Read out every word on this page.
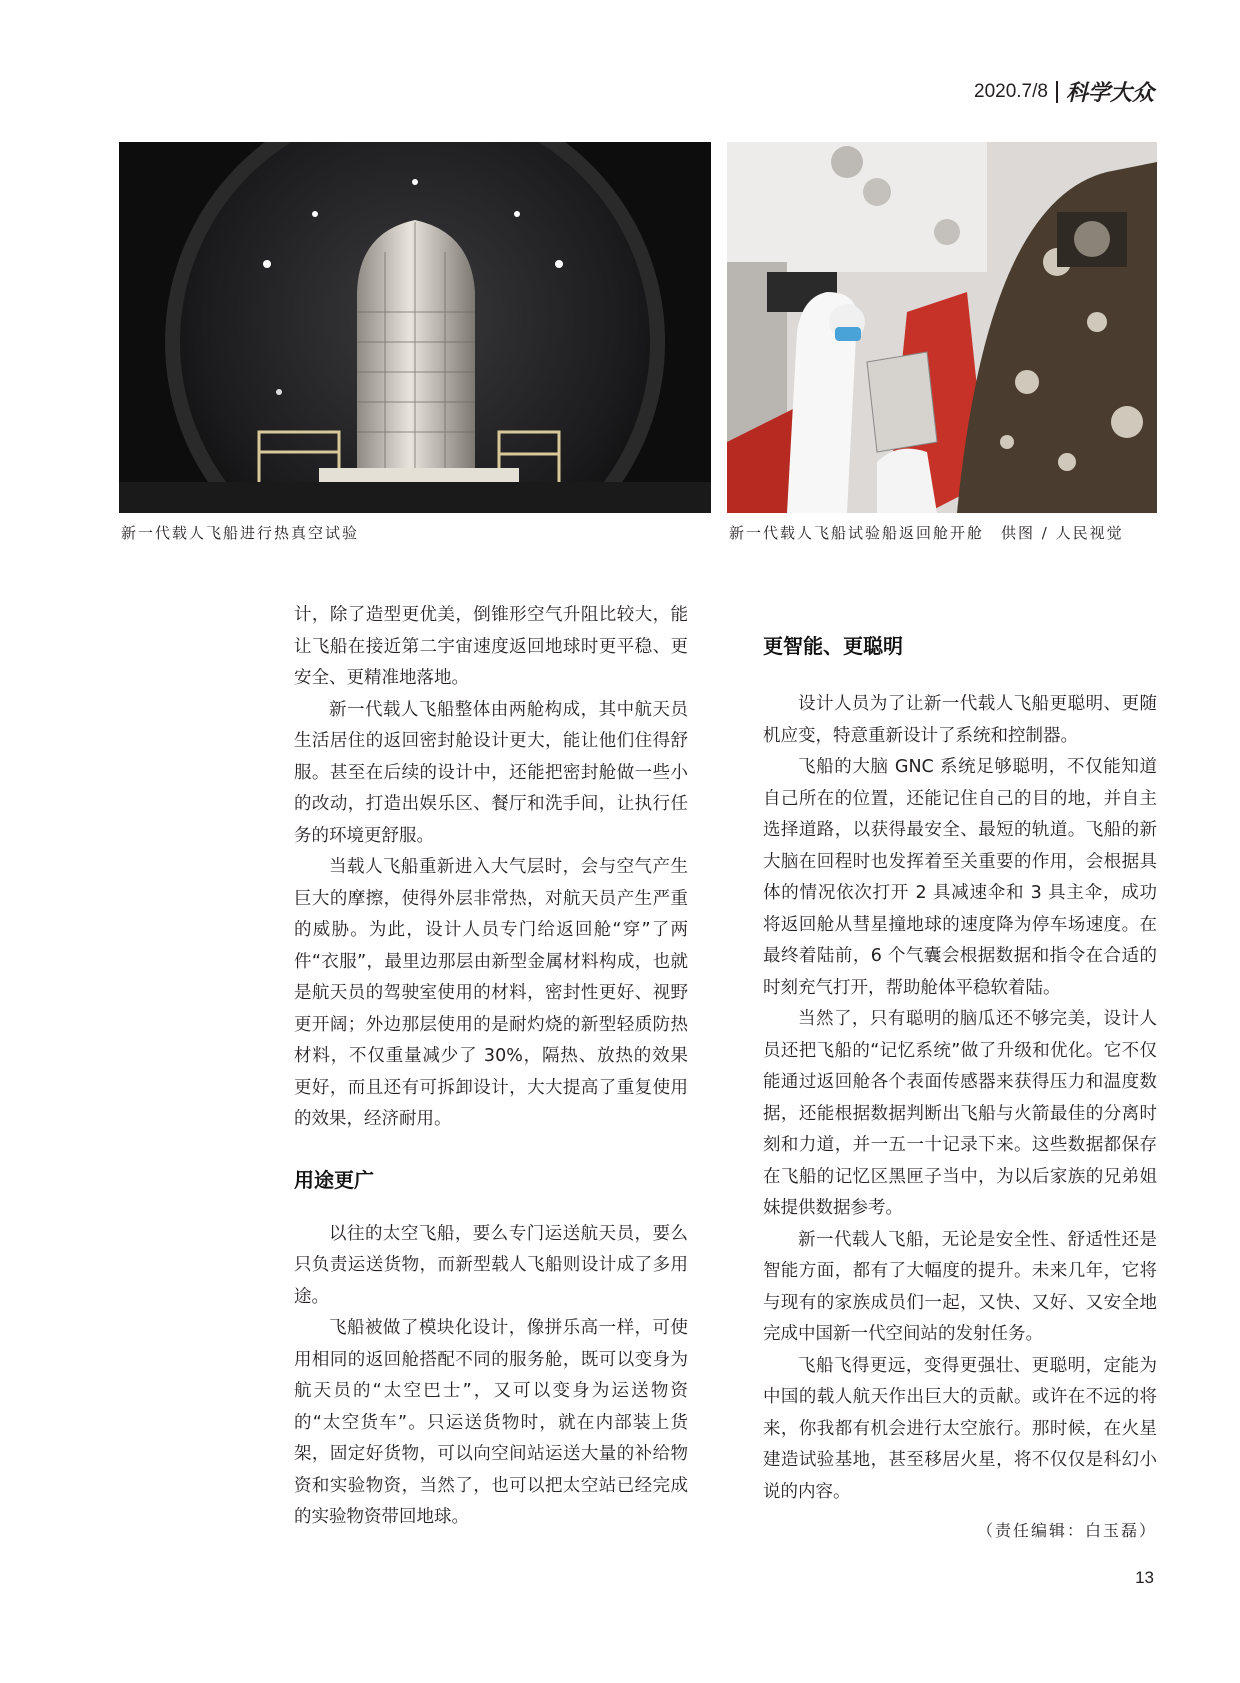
2020.7/8 科学大众
新一代载人飞船进行热真空试验	新一代载人飞船试验船返回舱开舱　供图 / 人民视觉

计，除了造型更优美，倒锥形空气升阻比较大，能让飞船在接近第二宇宙速度返回地球时更平稳、更安全、更精准地落地。

新一代载人飞船整体由两舱构成，其中航天员生活居住的返回密封舱设计更大，能让他们住得舒服。甚至在后续的设计中，还能把密封舱做一些小的改动，打造出娱乐区、餐厅和洗手间，让执行任务的环境更舒服。

当载人飞船重新进入大气层时，会与空气产生巨大的摩擦，使得外层非常热，对航天员产生严重的威胁。为此，设计人员专门给返回舱“穿”了两件“衣服”，最里边那层由新型金属材料构成，也就是航天员的驾驶室使用的材料，密封性更好、视野更开阔；外边那层使用的是耐灼烧的新型轻质防热材料，不仅重量减少了 30%，隔热、放热的效果更好，而且还有可拆卸设计，大大提高了重复使用的效果，经济耐用。

用途更广

以往的太空飞船，要么专门运送航天员，要么只负责运送货物，而新型载人飞船则设计成了多用途。

飞船被做了模块化设计，像拼乐高一样，可使用相同的返回舱搭配不同的服务舱，既可以变身为航天员的“太空巴士”，又可以变身为运送物资的“太空货车”。只运送货物时，就在内部装上货架，固定好货物，可以向空间站运送大量的补给物资和实验物资，当然了，也可以把太空站已经完成的实验物资带回地球。

更智能、更聪明

设计人员为了让新一代载人飞船更聪明、更随机应变，特意重新设计了系统和控制器。

飞船的大脑 GNC 系统足够聪明，不仅能知道自己所在的位置，还能记住自己的目的地，并自主选择道路，以获得最安全、最短的轨道。飞船的新大脑在回程时也发挥着至关重要的作用，会根据具体的情况依次打开 2 具减速伞和 3 具主伞，成功将返回舱从彗星撞地球的速度降为停车场速度。在最终着陆前，6 个气囊会根据数据和指令在合适的时刻充气打开，帮助舱体平稳软着陆。

当然了，只有聪明的脑瓜还不够完美，设计人员还把飞船的“记忆系统”做了升级和优化。它不仅能通过返回舱各个表面传感器来获得压力和温度数据，还能根据数据判断出飞船与火箭最佳的分离时刻和力道，并一五一十记录下来。这些数据都保存在飞船的记忆区黑匣子当中，为以后家族的兄弟姐妹提供数据参考。

新一代载人飞船，无论是安全性、舒适性还是智能方面，都有了大幅度的提升。未来几年，它将与现有的家族成员们一起，又快、又好、又安全地完成中国新一代空间站的发射任务。

飞船飞得更远，变得更强壮、更聪明，定能为中国的载人航天作出巨大的贡献。或许在不远的将来，你我都有机会进行太空旅行。那时候，在火星建造试验基地，甚至移居火星，将不仅仅是科幻小说的内容。

（责任编辑：白玉磊）
13
